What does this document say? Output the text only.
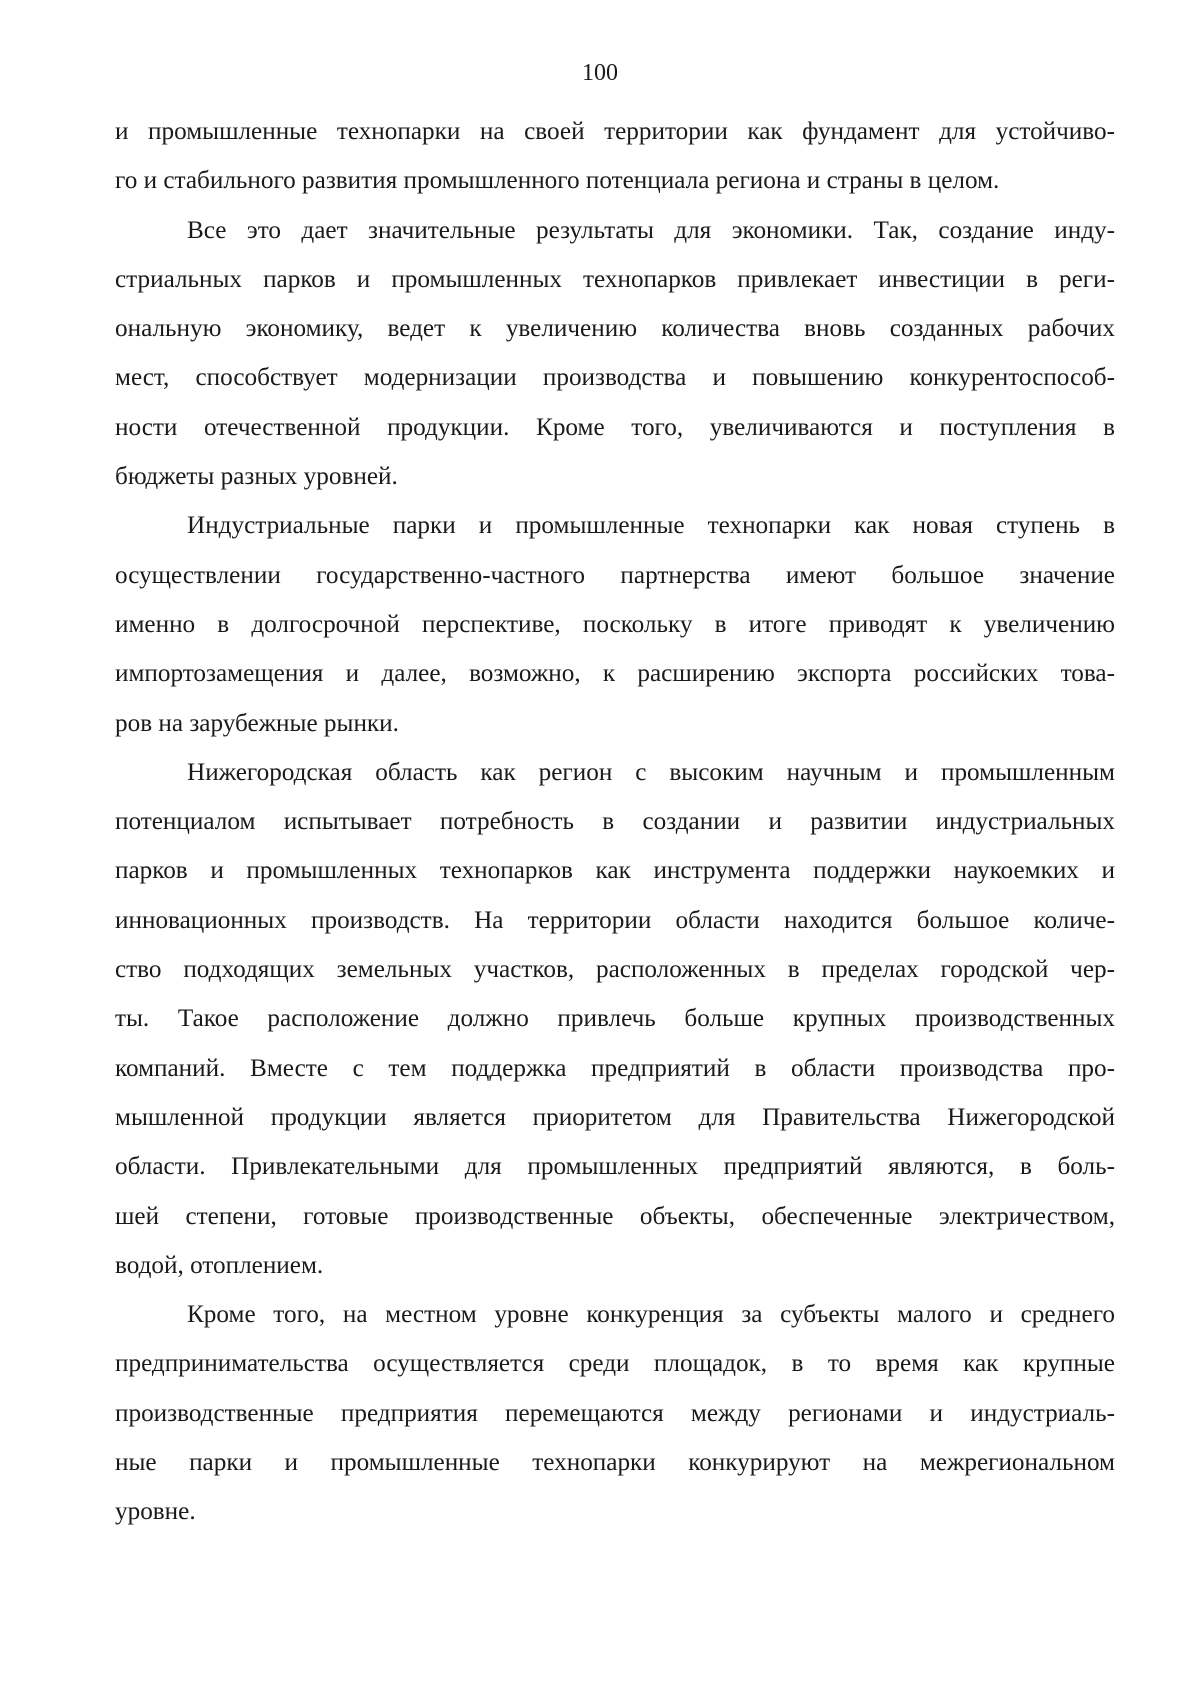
100
и промышленные технопарки на своей территории как фундамент для устойчиво-
го и стабильного развития промышленного потенциала региона и страны в целом.
Все это дает значительные результаты для экономики. Так, создание инду-
стриальных парков и промышленных технопарков привлекает инвестиции в реги-
ональную экономику, ведет к увеличению количества вновь созданных рабочих
мест, способствует модернизации производства и повышению конкурентоспособ-
ности отечественной продукции. Кроме того, увеличиваются и поступления в
бюджеты разных уровней.
Индустриальные парки и промышленные технопарки как новая ступень в
осуществлении государственно-частного партнерства имеют большое значение
именно в долгосрочной перспективе, поскольку в итоге приводят к увеличению
импортозамещения и далее, возможно, к расширению экспорта российских това-
ров на зарубежные рынки.
Нижегородская область как регион с высоким научным и промышленным
потенциалом испытывает потребность в создании и развитии индустриальных
парков и промышленных технопарков как инструмента поддержки наукоемких и
инновационных производств. На территории области находится большое количе-
ство подходящих земельных участков, расположенных в пределах городской чер-
ты. Такое расположение должно привлечь больше крупных производственных
компаний. Вместе с тем поддержка предприятий в области производства про-
мышленной продукции является приоритетом для Правительства Нижегородской
области. Привлекательными для промышленных предприятий являются, в боль-
шей степени, готовые производственные объекты, обеспеченные электричеством,
водой, отоплением.
Кроме того, на местном уровне конкуренция за субъекты малого и среднего
предпринимательства осуществляется среди площадок, в то время как крупные
производственные предприятия перемещаются между регионами и индустриаль-
ные парки и промышленные технопарки конкурируют на межрегиональном
уровне.
